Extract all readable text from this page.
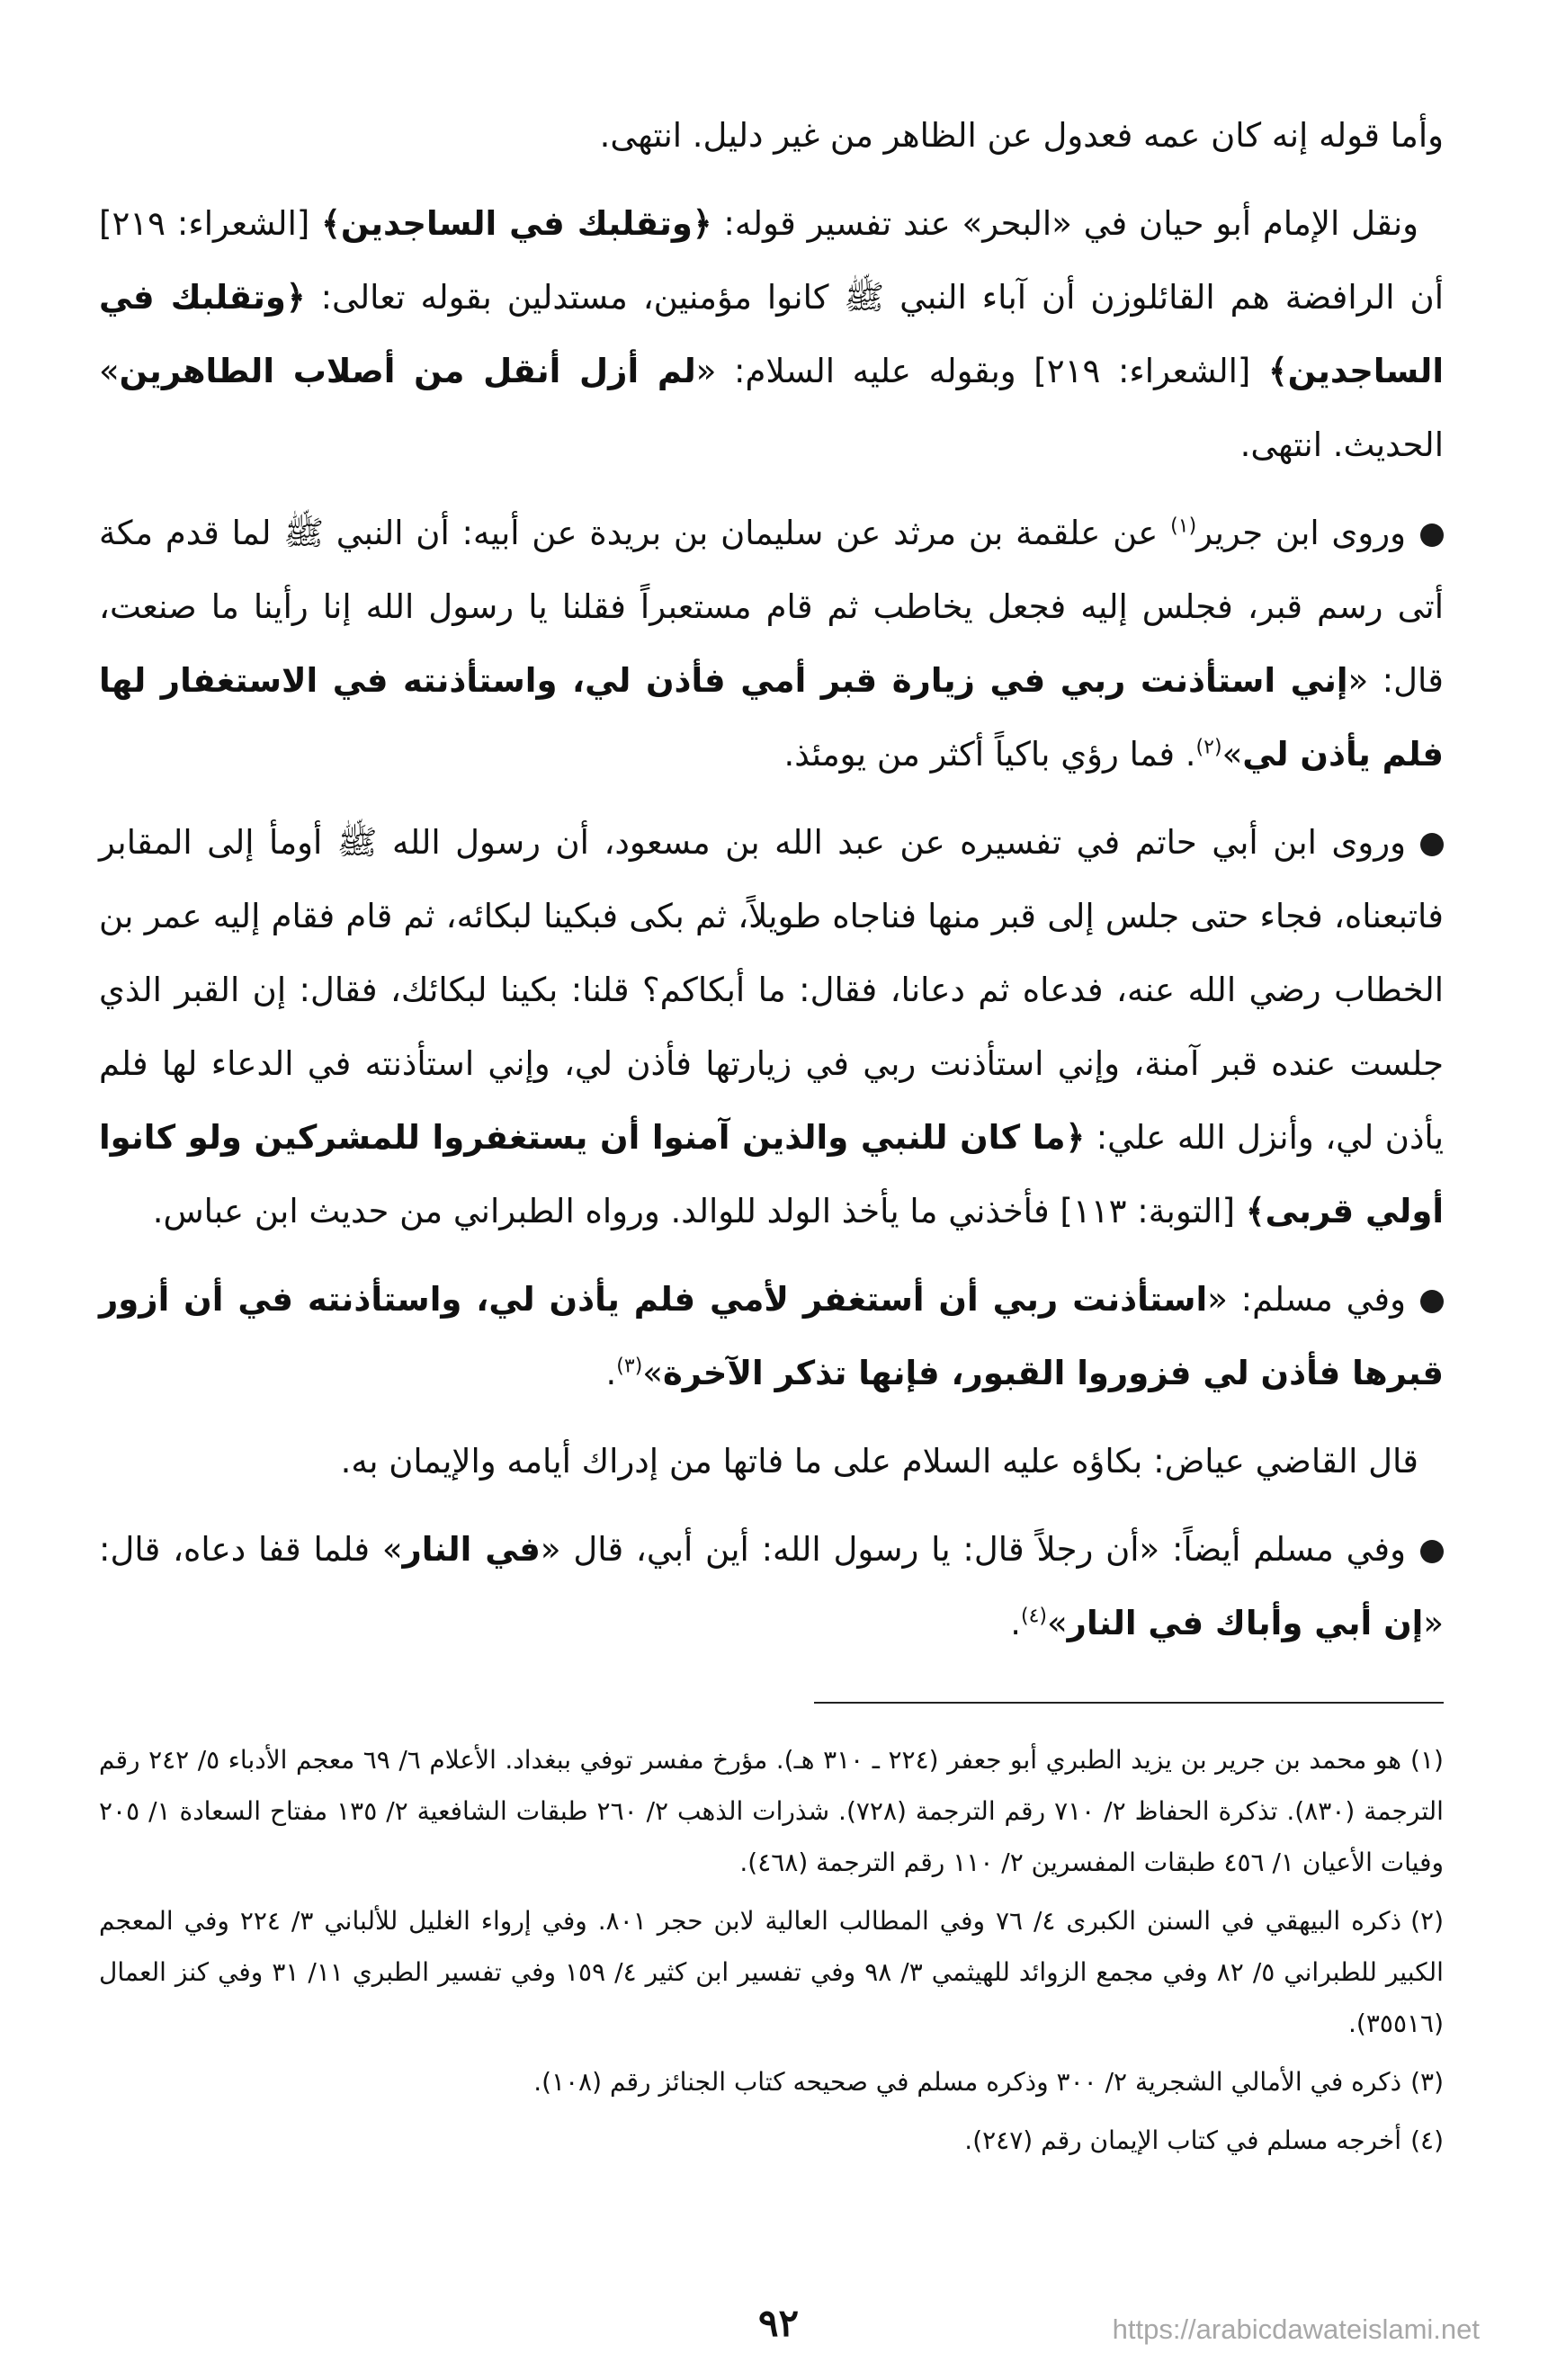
وأما قوله إنه كان عمه فعدول عن الظاهر من غير دليل. انتهى.

ونقل الإمام أبو حيان في «البحر» عند تفسير قوله: ﴿وتقلبك في الساجدين﴾ [الشعراء: ٢١٩] أن الرافضة هم القائلوزن أن آباء النبي ﷺ كانوا مؤمنين، مستدلين بقوله تعالى: ﴿وتقلبك في الساجدين﴾ [الشعراء: ٢١٩] وبقوله عليه السلام: «لم أزل أنقل من أصلاب الطاهرين» الحديث. انتهى.

وروى ابن جرير$^{(١)}$ عن علقمة بن مرثد عن سليمان بن بريدة عن أبيه: أن النبي ﷺ لما قدم مكة أتى رسم قبر، فجلس إليه فجعل يخاطب ثم قام مستعبراً فقلنا يا رسول الله إنا رأينا ما صنعت، قال: «إني استأذنت ربي في زيارة قبر أمي فأذن لي، واستأذنته في الاستغفار لها فلم يأذن لي»$^{(٢)}$. فما رؤي باكياً أكثر من يومئذ.

وروى ابن أبي حاتم في تفسيره عن عبد الله بن مسعود، أن رسول الله ﷺ أومأ إلى المقابر فاتبعناه، فجاء حتى جلس إلى قبر منها فناجاه طويلاً، ثم بكى فبكينا لبكائه، ثم قام فقام إليه عمر بن الخطاب رضي الله عنه، فدعاه ثم دعانا، فقال: ما أبكاكم؟ قلنا: بكينا لبكائك، فقال: إن القبر الذي جلست عنده قبر آمنة، وإني استأذنت ربي في زيارتها فأذن لي، وإني استأذنته في الدعاء لها فلم يأذن لي، وأنزل الله علي: ﴿ما كان للنبي والذين آمنوا أن يستغفروا للمشركين ولو كانوا أولي قربى﴾ [التوبة: ١١٣] فأخذني ما يأخذ الولد للوالد. ورواه الطبراني من حديث ابن عباس.

وفي مسلم: «استأذنت ربي أن أستغفر لأمي فلم يأذن لي، واستأذنته في أن أزور قبرها فأذن لي فزوروا القبور، فإنها تذكر الآخرة»$^{(٣)}$.

قال القاضي عياض: بكاؤه عليه السلام على ما فاتها من إدراك أيامه والإيمان به.

وفي مسلم أيضاً: «أن رجلاً قال: يا رسول الله: أين أبي، قال «في النار» فلما قفا دعاه، قال: «إن أبي وأباك في النار»$^{(٤)}$.

(١)هو محمد بن جرير بن يزيد الطبري أبو جعفر (٢٢٤ ـ ٣١٠ هـ). مؤرخ مفسر توفي ببغداد. الأعلام ٦/ ٦٩ معجم الأدباء ٥/ ٢٤٢ رقم الترجمة (٨٣٠). تذكرة الحفاظ ٢/ ٧١٠ رقم الترجمة (٧٢٨). شذرات الذهب ٢/ ٢٦٠ طبقات الشافعية ٢/ ١٣٥ مفتاح السعادة ١/ ٢٠٥ وفيات الأعيان ١/ ٤٥٦ طبقات المفسرين ٢/ ١١٠ رقم الترجمة (٤٦٨).

(٢)ذكره البيهقي في السنن الكبرى ٤/ ٧٦ وفي المطالب العالية لابن حجر ٨٠١. وفي إرواء الغليل للألباني ٣/ ٢٢٤ وفي المعجم الكبير للطبراني ٥/ ٨٢ وفي مجمع الزوائد للهيثمي ٣/ ٩٨ وفي تفسير ابن كثير ٤/ ١٥٩ وفي تفسير الطبري ١١/ ٣١ وفي كنز العمال (٣٥٥١٦).

(٣)ذكره في الأمالي الشجرية ٢/ ٣٠٠ وذكره مسلم في صحيحه كتاب الجنائز رقم (١٠٨).

(٤)أخرجه مسلم في كتاب الإيمان رقم (٢٤٧).

٩٢	https://arabicdawateislami.net
